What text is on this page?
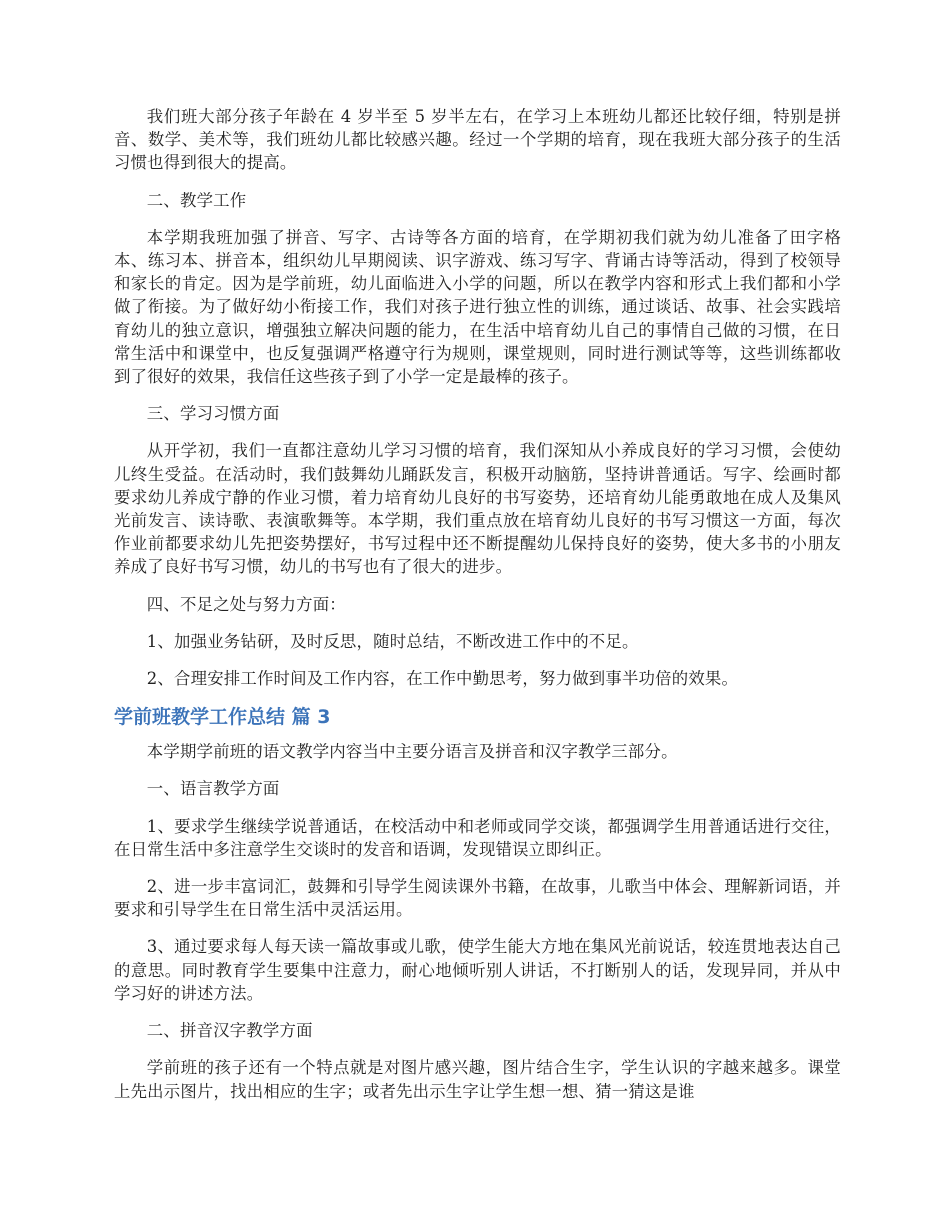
我们班大部分孩子年龄在 4 岁半至 5 岁半左右，在学习上本班幼儿都还比较仔细，特别是拼音、数学、美术等，我们班幼儿都比较感兴趣。经过一个学期的培育，现在我班大部分孩子的生活习惯也得到很大的提高。

二、教学工作

本学期我班加强了拼音、写字、古诗等各方面的培育，在学期初我们就为幼儿准备了田字格本、练习本、拼音本，组织幼儿早期阅读、识字游戏、练习写字、背诵古诗等活动，得到了校领导和家长的肯定。因为是学前班，幼儿面临进入小学的问题，所以在教学内容和形式上我们都和小学做了衔接。为了做好幼小衔接工作，我们对孩子进行独立性的训练，通过谈话、故事、社会实践培育幼儿的独立意识，增强独立解决问题的能力，在生活中培育幼儿自己的事情自己做的习惯，在日常生活中和课堂中，也反复强调严格遵守行为规则，课堂规则，同时进行测试等等，这些训练都收到了很好的效果，我信任这些孩子到了小学一定是最棒的孩子。

三、学习习惯方面

从开学初，我们一直都注意幼儿学习习惯的培育，我们深知从小养成良好的学习习惯，会使幼儿终生受益。在活动时，我们鼓舞幼儿踊跃发言，积极开动脑筋，坚持讲普通话。写字、绘画时都要求幼儿养成宁静的作业习惯，着力培育幼儿良好的书写姿势，还培育幼儿能勇敢地在成人及集风光前发言、读诗歌、表演歌舞等。本学期，我们重点放在培育幼儿良好的书写习惯这一方面，每次作业前都要求幼儿先把姿势摆好，书写过程中还不断提醒幼儿保持良好的姿势，使大多书的小朋友养成了良好书写习惯，幼儿的书写也有了很大的进步。

四、不足之处与努力方面：

1、加强业务钻研，及时反思，随时总结，不断改进工作中的不足。

2、合理安排工作时间及工作内容，在工作中勤思考，努力做到事半功倍的效果。

学前班教学工作总结 篇 3

本学期学前班的语文教学内容当中主要分语言及拼音和汉字教学三部分。

一、语言教学方面

1、要求学生继续学说普通话，在校活动中和老师或同学交谈，都强调学生用普通话进行交往，在日常生活中多注意学生交谈时的发音和语调，发现错误立即纠正。

2、进一步丰富词汇，鼓舞和引导学生阅读课外书籍，在故事，儿歌当中体会、理解新词语，并要求和引导学生在日常生活中灵活运用。

3、通过要求每人每天读一篇故事或儿歌，使学生能大方地在集风光前说话，较连贯地表达自己的意思。同时教育学生要集中注意力，耐心地倾听别人讲话，不打断别人的话，发现异同，并从中学习好的讲述方法。

二、拼音汉字教学方面

学前班的孩子还有一个特点就是对图片感兴趣，图片结合生字，学生认识的字越来越多。课堂上先出示图片，找出相应的生字；或者先出示生字让学生想一想、猜一猜这是谁
